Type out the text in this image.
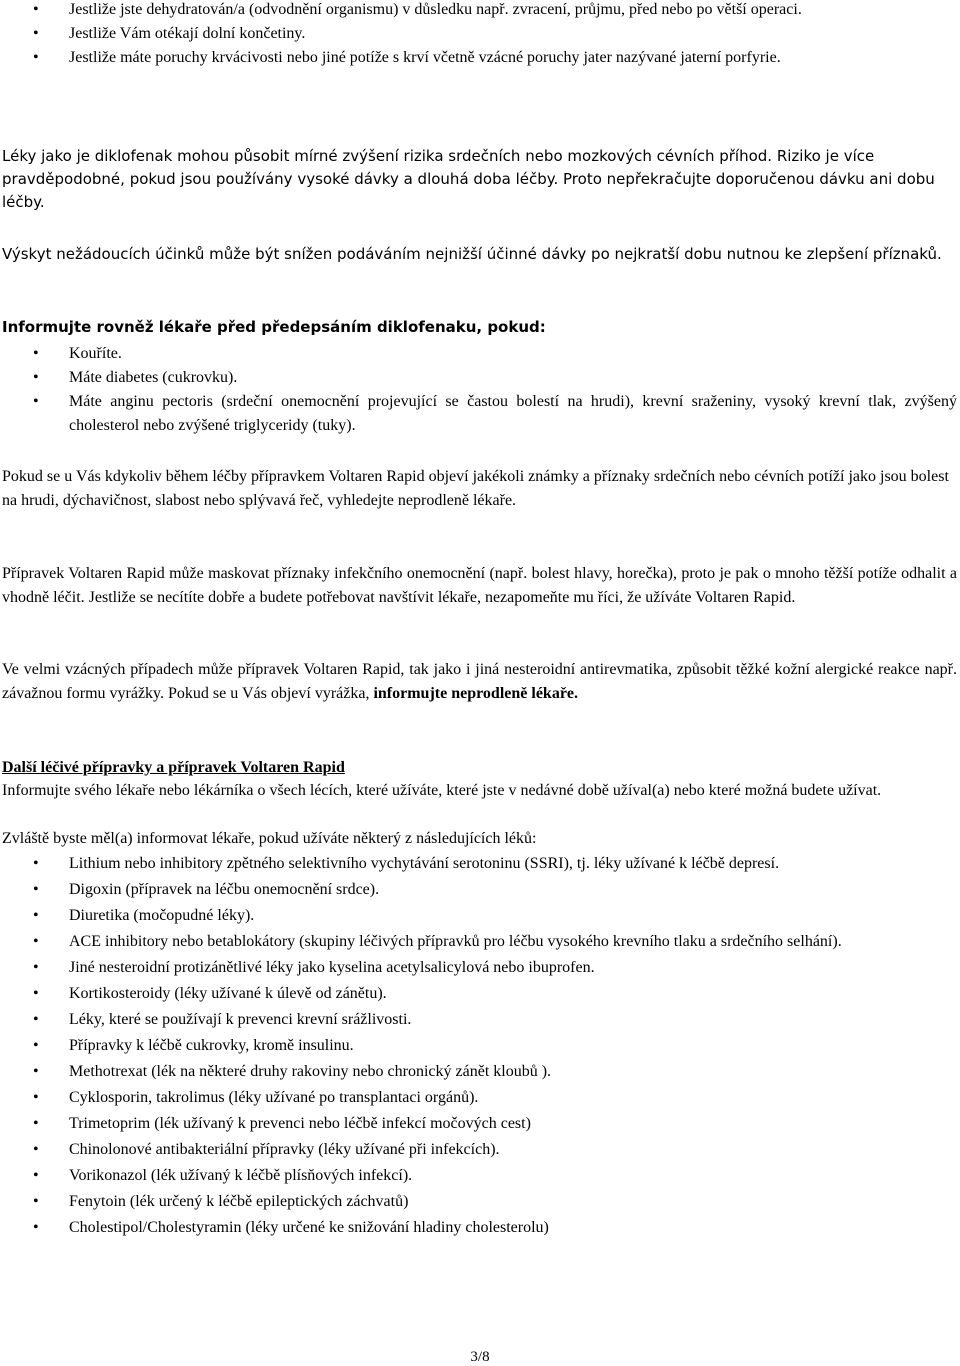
• Jestliže jste dehydratován/a (odvodnění organismu) v důsledku např. zvracení, průjmu, před nebo po větší operaci.
• Jestliže Vám otékají dolní končetiny.
• Jestliže máte poruchy krvácivosti nebo jiné potíže s krví včetně vzácné poruchy jater nazývané jaterní porfyrie.

Léky jako je diklofenak mohou působit mírné zvýšení rizika srdečních nebo mozkových cévních příhod. Riziko je více pravděpodobné, pokud jsou používány vysoké dávky a dlouhá doba léčby. Proto nepřekračujte doporučenou dávku ani dobu léčby.

Výskyt nežádoucích účinků může být snížen podáváním nejnižší účinné dávky po nejkratší dobu nutnou ke zlepšení příznaků.

Informujte rovněž lékaře před předepsáním diklofenaku, pokud:

• Kouříte.
• Máte diabetes (cukrovku).
• Máte anginu pectoris (srdeční onemocnění projevující se častou bolestí na hrudi), krevní sraženiny, vysoký krevní tlak, zvýšený cholesterol nebo zvýšené triglyceridy (tuky).

Pokud se u Vás kdykoliv během léčby přípravkem Voltaren Rapid objeví jakékoli známky a příznaky srdečních nebo cévních potíží jako jsou bolest na hrudi, dýchavičnost, slabost nebo splývavá řeč, vyhledejte neprodleně lékaře.

Přípravek Voltaren Rapid může maskovat příznaky infekčního onemocnění (např. bolest hlavy, horečka), proto je pak o mnoho těžší potíže odhalit a vhodně léčit. Jestliže se necítíte dobře a budete potřebovat navštívit lékaře, nezapomeňte mu říci, že užíváte Voltaren Rapid.

Ve velmi vzácných případech může přípravek Voltaren Rapid, tak jako i jiná nesteroidní antirevmatika, způsobit těžké kožní alergické reakce např. závažnou formu vyrážky. Pokud se u Vás objeví vyrážka, informujte neprodleně lékaře.

Další léčivé přípravky a přípravek Voltaren Rapid

Informujte svého lékaře nebo lékárníka o všech lécích, které užíváte, které jste v nedávné době užíval(a) nebo které možná budete užívat.

Zvláště byste měl(a) informovat lékaře, pokud užíváte některý z následujících léků:

• Lithium nebo inhibitory zpětného selektivního vychytávání serotoninu (SSRI), tj. léky užívané k léčbě depresí.
• Digoxin (přípravek na léčbu onemocnění srdce).
• Diuretika (močopudné léky).
• ACE inhibitory nebo betablokátory (skupiny léčivých přípravků pro léčbu vysokého krevního tlaku a srdečního selhání).
• Jiné nesteroidní protizánětlivé léky jako kyselina acetylsalicylová nebo ibuprofen.
• Kortikosteroidy (léky užívané k úlevě od zánětu).
• Léky, které se používají k prevenci krevní srážlivosti.
• Přípravky k léčbě cukrovky, kromě insulinu.
• Methotrexat (lék na některé druhy rakoviny nebo chronický zánět kloubů ).
• Cyklosporin, takrolimus (léky užívané po transplantaci orgánů).
• Trimetoprim (lék užívaný k prevenci nebo léčbě infekcí močových cest)
• Chinolonové antibakteriální přípravky (léky užívané při infekcích).
• Vorikonazol (lék užívaný k léčbě plísňových infekcí).
• Fenytoin (lék určený k léčbě epileptických záchvatů)
• Cholestipol/Cholestyramin (léky určené ke snižování hladiny cholesterolu)
3/8
